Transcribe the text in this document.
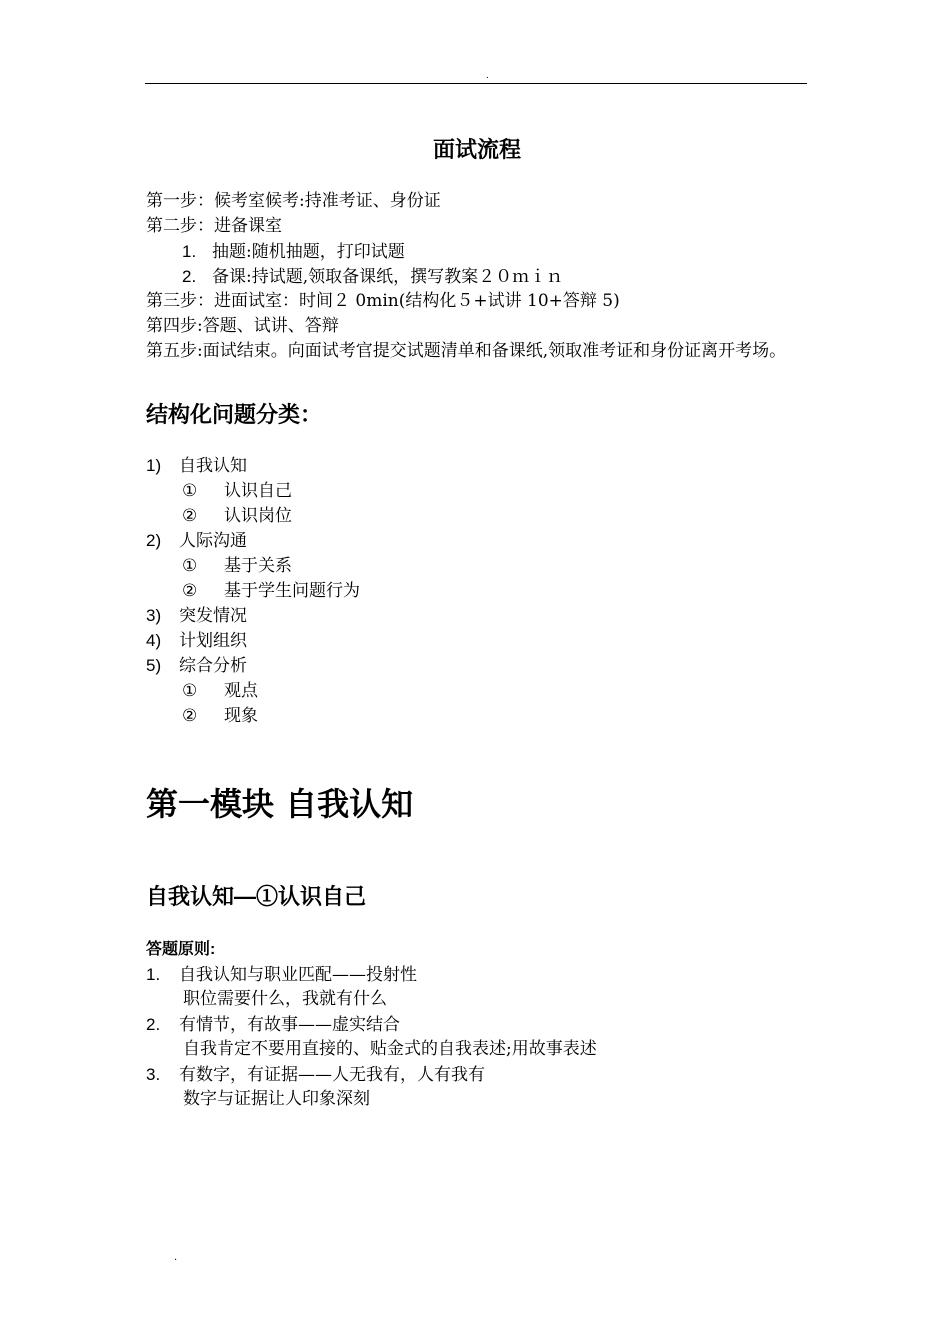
.
面试流程
第一步：候考室候考:持准考证、身份证
第二步：进备课室
1. 抽题:随机抽题，打印试题
2. 备课:持试题,领取备课纸，撰写教案２０ｍｉｎ
第三步：进面试室：时间２ 0min(结构化５+试讲 10+答辩 5)
第四步:答题、试讲、答辩
第五步:面试结束。向面试考官提交试题清单和备课纸,领取准考证和身份证离开考场。
结构化问题分类：
1) 自我认知
① 认识自己
② 认识岗位
2) 人际沟通
① 基于关系
② 基于学生问题行为
3) 突发情况
4) 计划组织
5) 综合分析
① 观点
② 现象
第一模块 自我认知
自我认知—①认识自己
答题原则:
1. 自我认知与职业匹配——投射性
职位需要什么，我就有什么
2. 有情节，有故事——虚实结合
自我肯定不要用直接的、贴金式的自我表述;用故事表述
3. 有数字，有证据——人无我有，人有我有
数字与证据让人印象深刻
.
